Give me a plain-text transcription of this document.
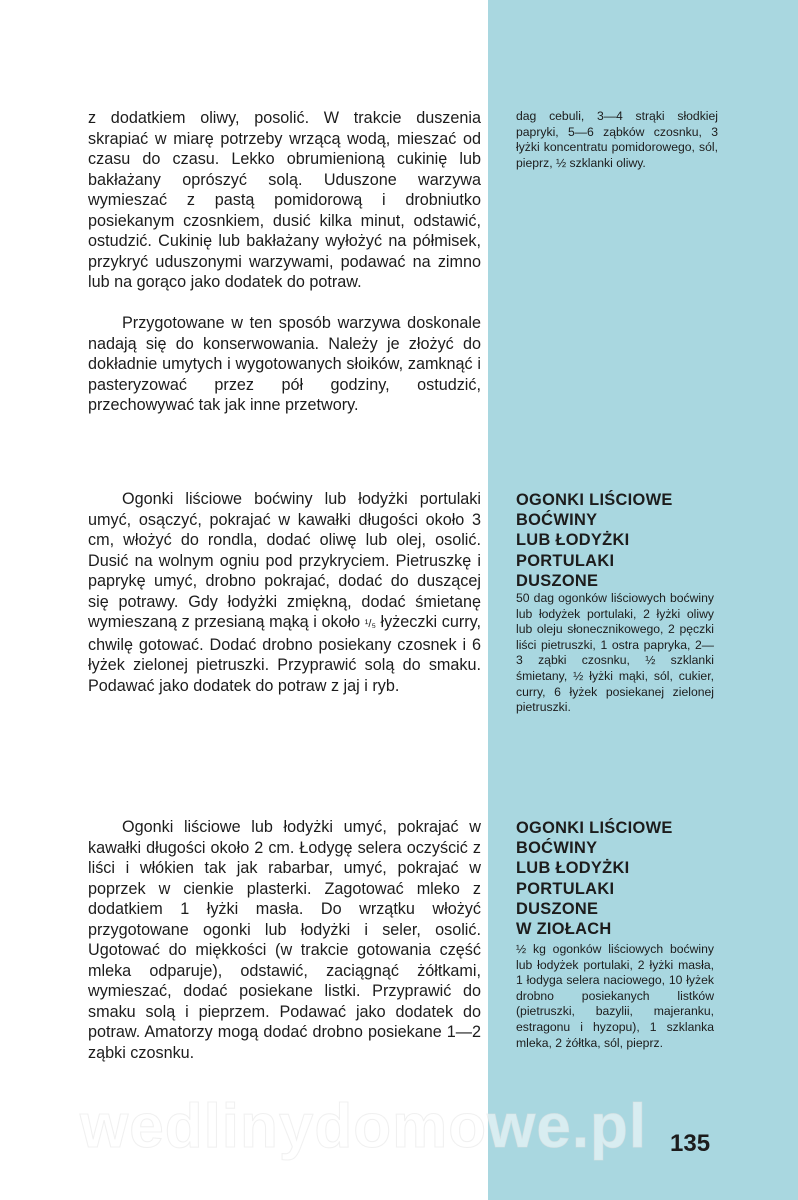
z dodatkiem oliwy, posolić. W trakcie duszenia skrapiać w miarę potrzeby wrzącą wodą, mieszać od czasu do czasu. Lekko obrumienioną cukinię lub bakłażany oprószyć solą. Uduszone warzywa wymieszać z pastą pomidorową i drobniutko posiekanym czosnkiem, dusić kilka minut, odstawić, ostudzić. Cukinię lub bakłażany wyłożyć na półmisek, przykryć uduszonymi warzywami, podawać na zimno lub na gorąco jako dodatek do potraw.

Przygotowane w ten sposób warzywa doskonale nadają się do konserwowania. Należy je złożyć do dokładnie umytych i wygotowanych słoików, zamknąć i pasteryzować przez pół godziny, ostudzić, przechowywać tak jak inne przetwory.

dag cebuli, 3—4 strąki słodkiej papryki, 5—6 ząbków czosnku, 3 łyżki koncentratu pomidorowego, sól, pieprz, ½ szklanki oliwy.

Ogonki liściowe boćwiny lub łodyżki portulaki umyć, osączyć, pokrajać w kawałki długości około 3 cm, włożyć do rondla, dodać oliwę lub olej, osolić. Dusić na wolnym ogniu pod przykryciem. Pietruszkę i paprykę umyć, drobno pokrajać, dodać do duszącej się potrawy. Gdy łodyżki zmiękną, dodać śmietanę wymieszaną z przesianą mąką i około ¹/₅ łyżeczki curry, chwilę gotować. Dodać drobno posiekany czosnek i 6 łyżek zielonej pietruszki. Przyprawić solą do smaku. Podawać jako dodatek do potraw z jaj i ryb.

OGONKI LIŚCIOWE
BOĆWINY
LUB ŁODYŻKI
PORTULAKI
DUSZONE

50 dag ogonków liściowych boćwiny lub łodyżek portulaki, 2 łyżki oliwy lub oleju słonecznikowego, 2 pęczki liści pietruszki, 1 ostra papryka, 2—3 ząbki czosnku, ½ szklanki śmietany, ½ łyżki mąki, sól, cukier, curry, 6 łyżek posiekanej zielonej pietruszki.

Ogonki liściowe lub łodyżki umyć, pokrajać w kawałki długości około 2 cm. Łodygę selera oczyścić z liści i włókien tak jak rabarbar, umyć, pokrajać w poprzek w cienkie plasterki. Zagotować mleko z dodatkiem 1 łyżki masła. Do wrzątku włożyć przygotowane ogonki lub łodyżki i seler, osolić. Ugotować do miękkości (w trakcie gotowania część mleka odparuje), odstawić, zaciągnąć żółtkami, wymieszać, dodać posiekane listki. Przyprawić do smaku solą i pieprzem. Podawać jako dodatek do potraw. Amatorzy mogą dodać drobno posiekane 1—2 ząbki czosnku.

OGONKI LIŚCIOWE
BOĆWINY
LUB ŁODYŻKI
PORTULAKI
DUSZONE
W ZIOŁACH

½ kg ogonków liściowych boćwiny lub łodyżek portulaki, 2 łyżki masła, 1 łodyga selera naciowego, 10 łyżek drobno posiekanych listków (pietruszki, bazylii, majeranku, estragonu i hyzopu), 1 szklanka mleka, 2 żółtka, sól, pieprz.

wedlinydomowe.pl 135
